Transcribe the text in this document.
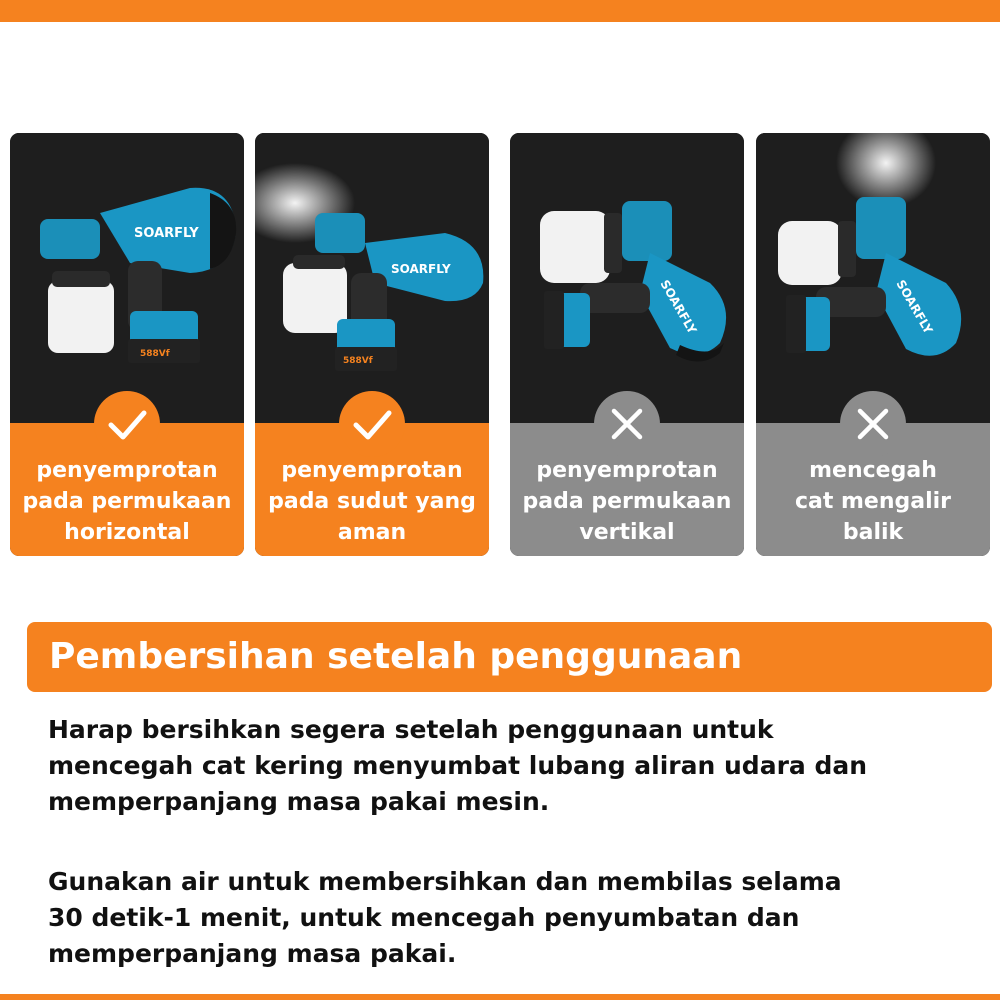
SOARFLY
588Vf
penyemprotan
pada permukaan
horizontal
SOARFLY
588Vf
penyemprotan
pada sudut yang
aman
SOARFLY
penyemprotan
pada permukaan
vertikal
SOARFLY
mencegah
cat mengalir
balik
Pembersihan setelah penggunaan
Harap bersihkan segera setelah penggunaan untuk
mencegah cat kering menyumbat lubang aliran udara dan
memperpanjang masa pakai mesin.
Gunakan air untuk membersihkan dan membilas selama
30 detik-1 menit, untuk mencegah penyumbatan dan
memperpanjang masa pakai.
